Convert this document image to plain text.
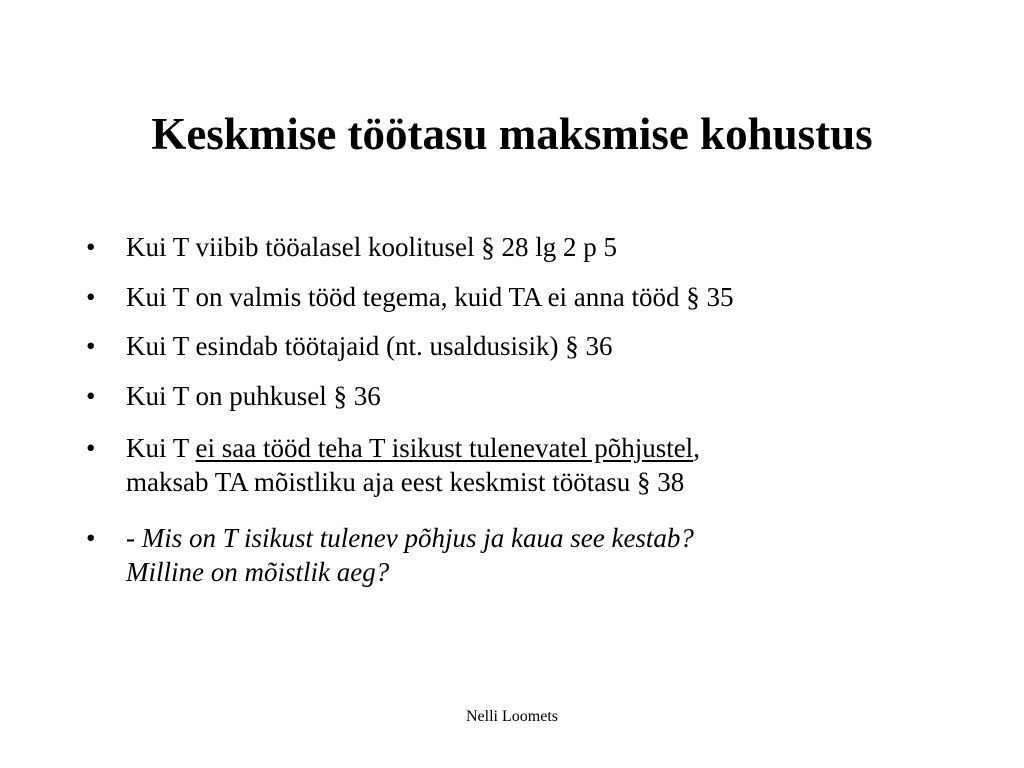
Keskmise töötasu maksmise kohustus
•	Kui T viibib tööalasel koolitusel § 28 lg 2 p 5
•	Kui T on valmis tööd tegema, kuid TA ei anna tööd § 35
•	Kui T esindab töötajaid (nt. usaldusisik) § 36
•	Kui T on puhkusel § 36
•	Kui T ei saa tööd teha T isikust tulenevatel põhjustel,
maksab TA mõistliku aja eest keskmist töötasu § 38
•	- Mis on T isikust tulenev põhjus ja kaua see kestab?
Milline on mõistlik aeg?
Nelli Loomets
